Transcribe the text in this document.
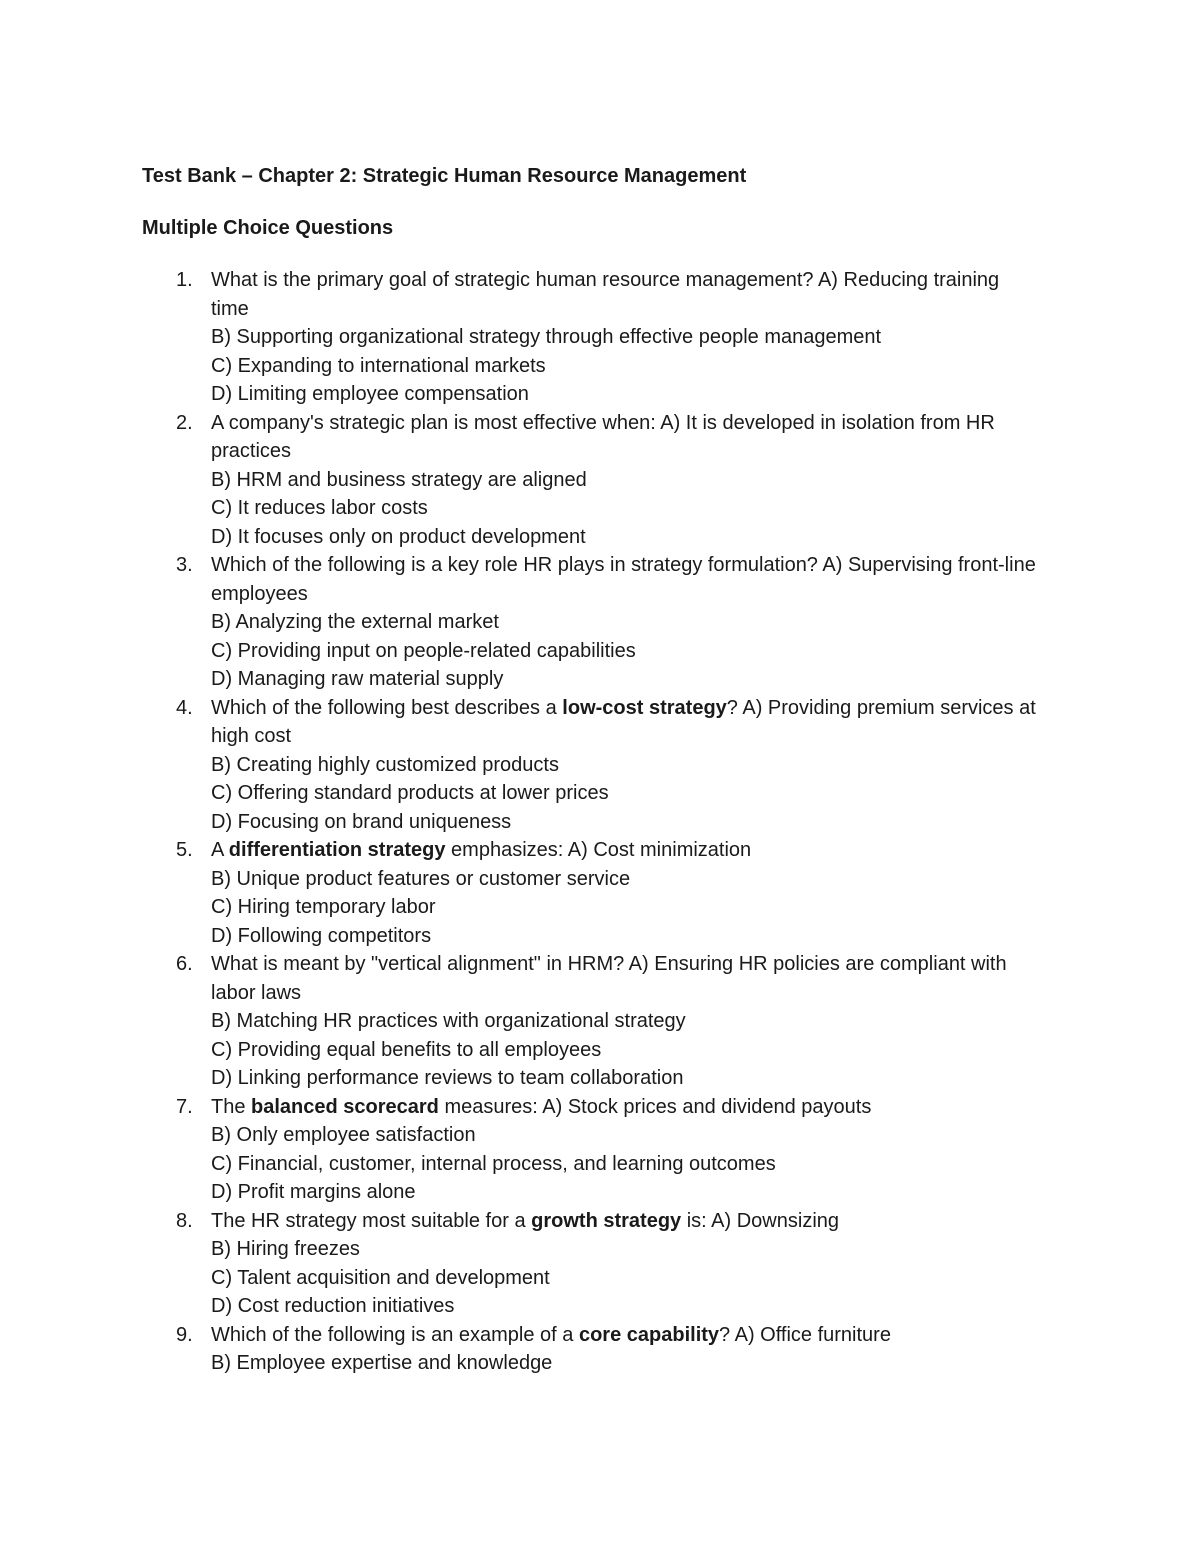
Test Bank – Chapter 2: Strategic Human Resource Management
Multiple Choice Questions
1. What is the primary goal of strategic human resource management? A) Reducing training time
B) Supporting organizational strategy through effective people management
C) Expanding to international markets
D) Limiting employee compensation
2. A company's strategic plan is most effective when: A) It is developed in isolation from HR practices
B) HRM and business strategy are aligned
C) It reduces labor costs
D) It focuses only on product development
3. Which of the following is a key role HR plays in strategy formulation? A) Supervising front-line employees
B) Analyzing the external market
C) Providing input on people-related capabilities
D) Managing raw material supply
4. Which of the following best describes a low-cost strategy? A) Providing premium services at high cost
B) Creating highly customized products
C) Offering standard products at lower prices
D) Focusing on brand uniqueness
5. A differentiation strategy emphasizes: A) Cost minimization
B) Unique product features or customer service
C) Hiring temporary labor
D) Following competitors
6. What is meant by "vertical alignment" in HRM? A) Ensuring HR policies are compliant with labor laws
B) Matching HR practices with organizational strategy
C) Providing equal benefits to all employees
D) Linking performance reviews to team collaboration
7. The balanced scorecard measures: A) Stock prices and dividend payouts
B) Only employee satisfaction
C) Financial, customer, internal process, and learning outcomes
D) Profit margins alone
8. The HR strategy most suitable for a growth strategy is: A) Downsizing
B) Hiring freezes
C) Talent acquisition and development
D) Cost reduction initiatives
9. Which of the following is an example of a core capability? A) Office furniture
B) Employee expertise and knowledge
